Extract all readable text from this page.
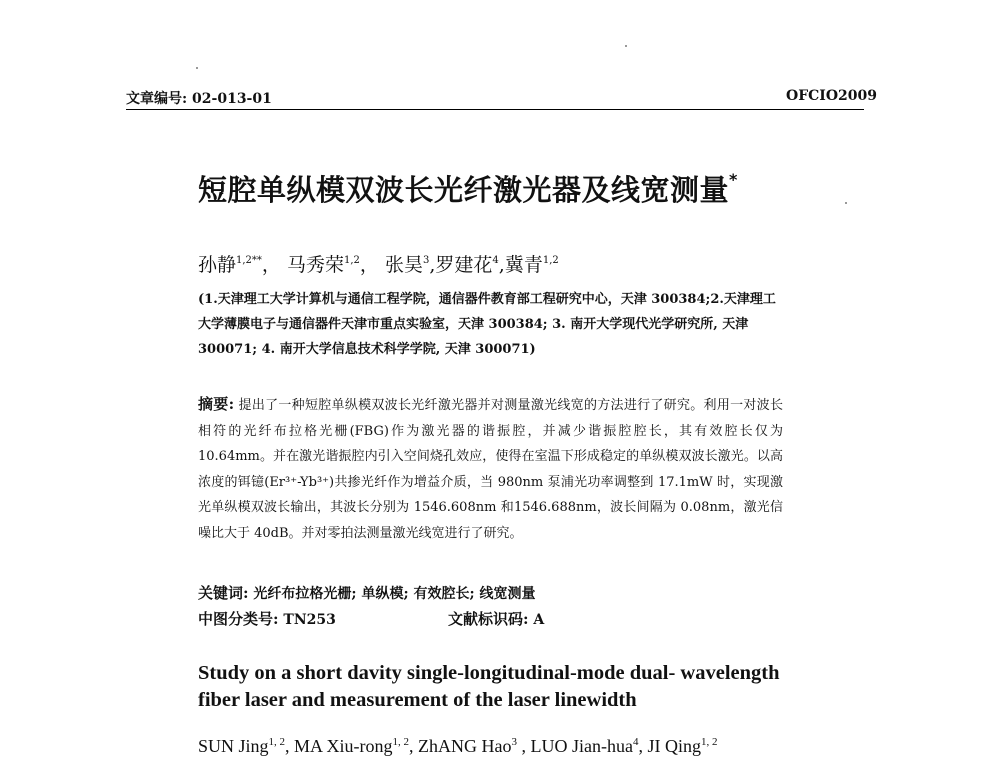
文章编号: 02-013-01	OFCIO2009
短腔单纵模双波长光纤激光器及线宽测量*
孙静$^{1,2**}$， 马秀荣$^{1,2}$， 张昊$^3$,罗建花$^4$,冀青$^{1,2}$
(1.天津理工大学计算机与通信工程学院，通信器件教育部工程研究中心，天津 300384;2.天津理工大学薄膜电子与通信器件天津市重点实验室，天津 300384; 3. 南开大学现代光学研究所, 天津 300071; 4. 南开大学信息技术科学学院, 天津 300071)
摘要: 提出了一种短腔单纵模双波长光纤激光器并对测量激光线宽的方法进行了研究。利用一对波长相符的光纤布拉格光栅(FBG)作为激光器的谐振腔，并减少谐振腔腔长，其有效腔长仅为 10.64mm。并在激光谐振腔内引入空间烧孔效应，使得在室温下形成稳定的单纵模双波长激光。以高浓度的铒镱(Er³⁺-Yb³⁺)共掺光纤作为增益介质，当 980nm 泵浦光功率调整到 17.1mW 时，实现激光单纵模双波长输出，其波长分别为 1546.608nm 和1546.688nm，波长间隔为 0.08nm，激光信噪比大于 40dB。并对零拍法测量激光线宽进行了研究。
关键词: 光纤布拉格光栅; 单纵模; 有效腔长; 线宽测量
中图分类号: TN253	文献标识码: A
Study on a short davity single-longitudinal-mode dual- wavelength fiber laser and measurement of the laser linewidth
SUN Jing$^{1, 2}$, MA Xiu-rong$^{1, 2}$, ZhANG Hao$^3$ , LUO Jian-hua$^4$, JI Qing$^{1, 2}$
